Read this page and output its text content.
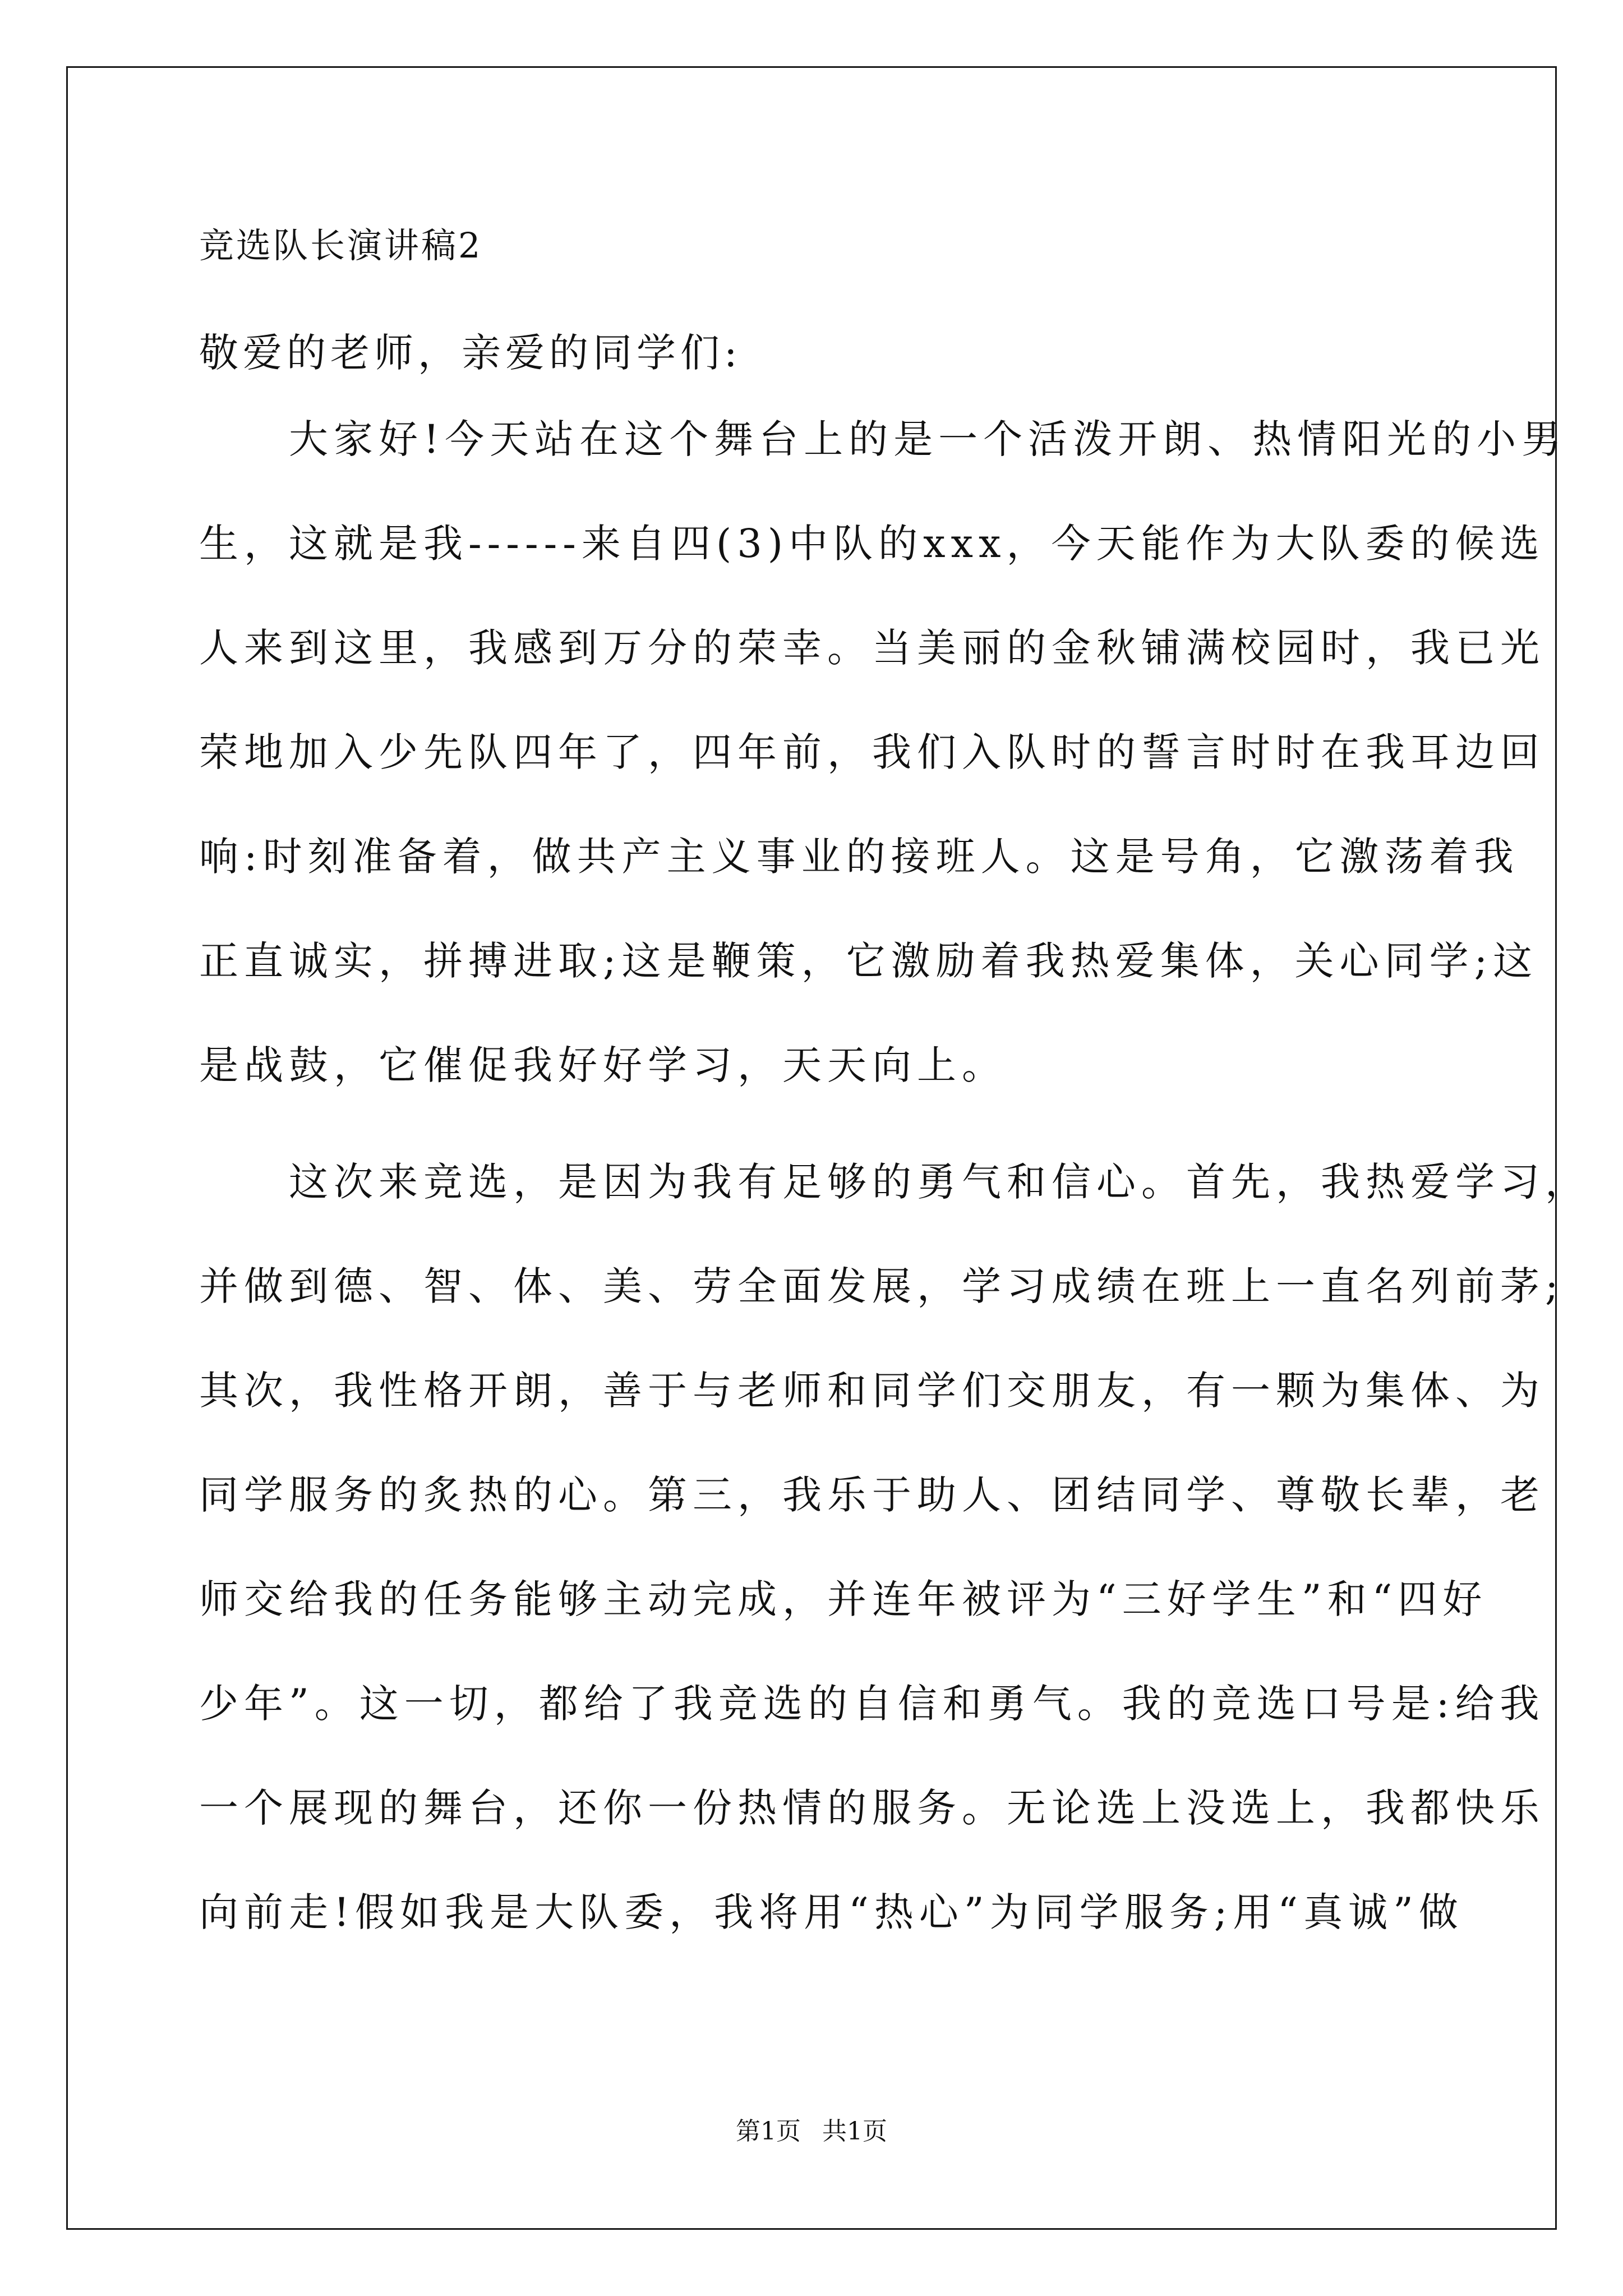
竞选队长演讲稿2
敬爱的老师，亲爱的同学们:
　　大家好!今天站在这个舞台上的是一个活泼开朗、热情阳光的小男
生，这就是我------来自四(3)中队的xxx，今天能作为大队委的候选
人来到这里，我感到万分的荣幸。当美丽的金秋铺满校园时，我已光
荣地加入少先队四年了，四年前，我们入队时的誓言时时在我耳边回
响:时刻准备着，做共产主义事业的接班人。这是号角，它激荡着我
正直诚实，拼搏进取;这是鞭策，它激励着我热爱集体，关心同学;这
是战鼓，它催促我好好学习，天天向上。
　　这次来竞选，是因为我有足够的勇气和信心。首先，我热爱学习，
并做到德、智、体、美、劳全面发展，学习成绩在班上一直名列前茅;
其次，我性格开朗，善于与老师和同学们交朋友，有一颗为集体、为
同学服务的炙热的心。第三，我乐于助人、团结同学、尊敬长辈，老
师交给我的任务能够主动完成，并连年被评为“三好学生”和“四好
少年”。这一切，都给了我竞选的自信和勇气。我的竞选口号是:给我
一个展现的舞台，还你一份热情的服务。无论选上没选上，我都快乐
向前走!假如我是大队委，我将用“热心”为同学服务;用“真诚”做
第1页 共1页
